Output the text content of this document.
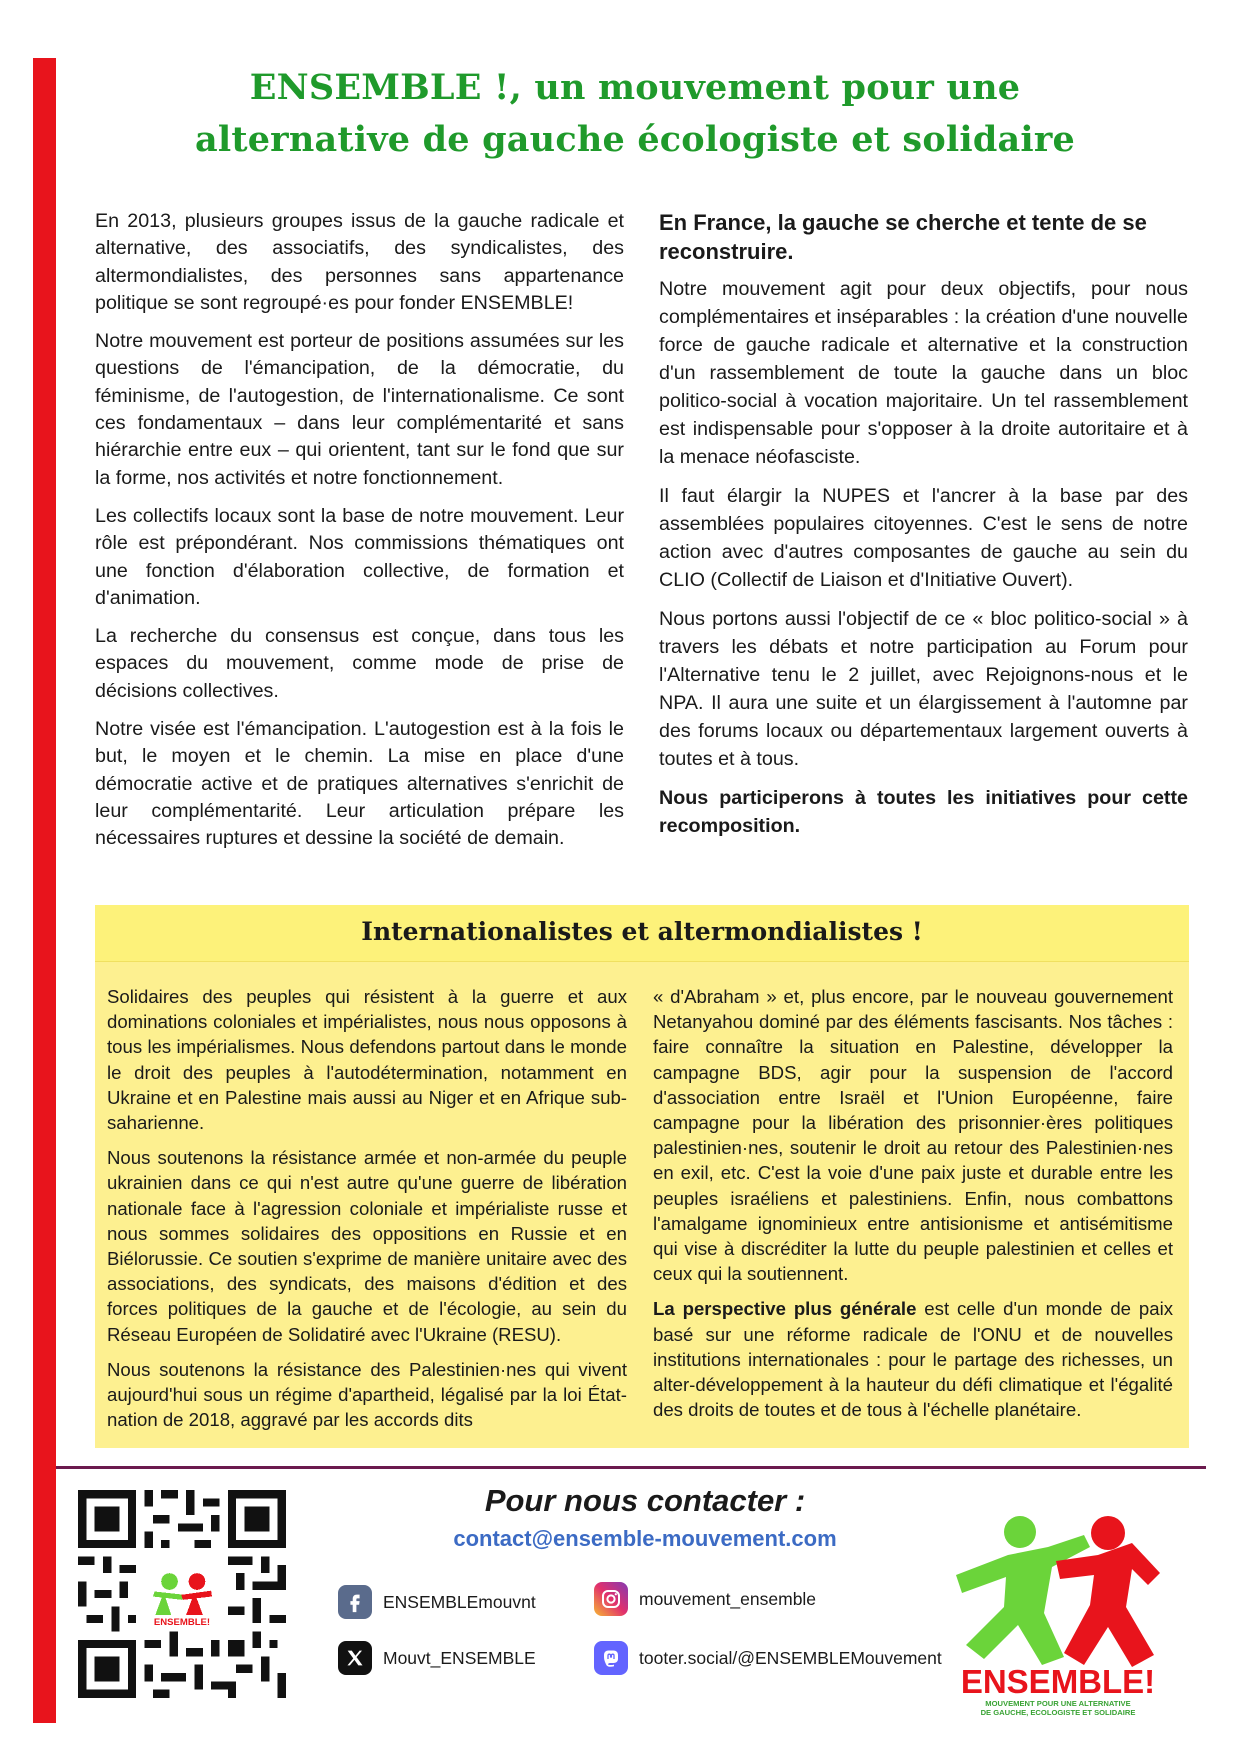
ENSEMBLE !, un mouvement pour une
alternative de gauche écologiste et solidaire

En 2013, plusieurs groupes issus de la gauche radicale et alternative, des associatifs, des syndicalistes, des altermondialistes, des personnes sans appartenance politique se sont regroupé·es pour fonder ENSEMBLE!

Notre mouvement est porteur de positions assumées sur les questions de l'émancipation, de la démocratie, du féminisme, de l'autogestion, de l'internationalisme. Ce sont ces fondamentaux – dans leur complémentarité et sans hiérarchie entre eux – qui orientent, tant sur le fond que sur la forme, nos activités et notre fonctionnement.

Les collectifs locaux sont la base de notre mouvement. Leur rôle est prépondérant. Nos commissions thématiques ont une fonction d'élaboration collective, de formation et d'animation.

La recherche du consensus est conçue, dans tous les espaces du mouvement, comme mode de prise de décisions collectives.

Notre visée est l'émancipation. L'autogestion est à la fois le but, le moyen et le chemin. La mise en place d'une démocratie active et de pratiques alternatives s'enrichit de leur complémentarité. Leur articulation prépare les nécessaires ruptures et dessine la société de demain.

En France, la gauche se cherche et tente de se reconstruire.

Notre mouvement agit pour deux objectifs, pour nous complémentaires et inséparables : la création d'une nouvelle force de gauche radicale et alternative et la construction d'un rassemblement de toute la gauche dans un bloc politico-social à vocation majoritaire. Un tel rassemblement est indispensable pour s'opposer à la droite autoritaire et à la menace néofasciste.

Il faut élargir la NUPES et l'ancrer à la base par des assemblées populaires citoyennes. C'est le sens de notre action avec d'autres composantes de gauche au sein du CLIO (Collectif de Liaison et d'Initiative Ouvert).

Nous portons aussi l'objectif de ce « bloc politico-social » à travers les débats et notre participation au Forum pour l'Alternative tenu le 2 juillet, avec Rejoignons-nous et le NPA. Il aura une suite et un élargissement à l'automne par des forums locaux ou départementaux largement ouverts à toutes et à tous.

Nous participerons à toutes les initiatives pour cette recomposition.

Internationalistes et altermondialistes !

Solidaires des peuples qui résistent à la guerre et aux dominations coloniales et impérialistes, nous nous opposons à tous les impérialismes. Nous defendons partout dans le monde le droit des peuples à l'autodétermination, notamment en Ukraine et en Palestine mais aussi au Niger et en Afrique sub-saharienne.

Nous soutenons la résistance armée et non-armée du peuple ukrainien dans ce qui n'est autre qu'une guerre de libération nationale face à l'agression coloniale et impérialiste russe et nous sommes solidaires des oppositions en Russie et en Biélorussie. Ce soutien s'exprime de manière unitaire avec des associations, des syndicats, des maisons d'édition et des forces politiques de la gauche et de l'écologie, au sein du Réseau Européen de Solidatiré avec l'Ukraine (RESU).

Nous soutenons la résistance des Palestinien·nes qui vivent aujourd'hui sous un régime d'apartheid, légalisé par la loi État-nation de 2018, aggravé par les accords dits

« d'Abraham » et, plus encore, par le nouveau gouvernement Netanyahou dominé par des éléments fascisants. Nos tâches : faire connaître la situation en Palestine, développer la campagne BDS, agir pour la suspension de l'accord d'association entre Israël et l'Union Européenne, faire campagne pour la libération des prisonnier·ères politiques palestinien·nes, soutenir le droit au retour des Palestinien·nes en exil, etc. C'est la voie d'une paix juste et durable entre les peuples israéliens et palestiniens. Enfin, nous combattons l'amalgame ignominieux entre antisionisme et antisémitisme qui vise à discréditer la lutte du peuple palestinien et celles et ceux qui la soutiennent.

La perspective plus générale est celle d'un monde de paix basé sur une réforme radicale de l'ONU et de nouvelles institutions internationales : pour le partage des richesses, un alter-développement à la hauteur du défi climatique et l'égalité des droits de toutes et de tous à l'échelle planétaire.

ENSEMBLE!
Pour nous contacter :
contact@ensemble-mouvement.com
ENSEMBLEmouvnt	mouvement_ensemble
Mouvt_ENSEMBLE	tooter.social/@ENSEMBLEMouvement
ENSEMBLE!
MOUVEMENT POUR UNE ALTERNATIVE
DE GAUCHE, ECOLOGISTE ET SOLIDAIRE
